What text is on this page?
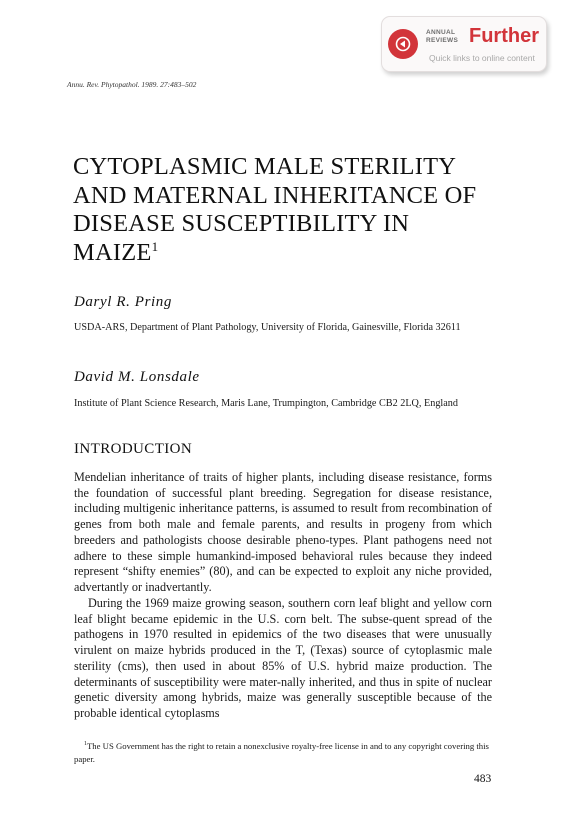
ANNUAL
REVIEWS Further
Quick links to online content
Annu. Rev. Phytopathol. 1989. 27:483–502
CYTOPLASMIC MALE STERILITY
AND MATERNAL INHERITANCE OF
DISEASE SUSCEPTIBILITY IN
MAIZE$^1$
Daryl R. Pring
USDA-ARS, Department of Plant Pathology, University of Florida, Gainesville, Florida 32611
David M. Lonsdale
Institute of Plant Science Research, Maris Lane, Trumpington, Cambridge CB2 2LQ, England
INTRODUCTION

Mendelian inheritance of traits of higher plants, including disease resistance, forms the foundation of successful plant breeding. Segregation for disease resistance, including multigenic inheritance patterns, is assumed to result from recombination of genes from both male and female parents, and results in progeny from which breeders and pathologists choose desirable pheno-types. Plant pathogens need not adhere to these simple humankind-imposed behavioral rules because they indeed represent “shifty enemies” (80), and can be expected to exploit any niche provided, advertantly or inadvertantly.

During the 1969 maize growing season, southern corn leaf blight and yellow corn leaf blight became epidemic in the U.S. corn belt. The subse-quent spread of the pathogens in 1970 resulted in epidemics of the two diseases that were unusually virulent on maize hybrids produced in the T, (Texas) source of cytoplasmic male sterility (cms), then used in about 85% of U.S. hybrid maize production. The determinants of susceptibility were mater-nally inherited, and thus in spite of nuclear genetic diversity among hybrids, maize was generally susceptible because of the probable identical cytoplasms

$^1$The US Government has the right to retain a nonexclusive royalty-free license in and to any copyright covering this paper.
483
